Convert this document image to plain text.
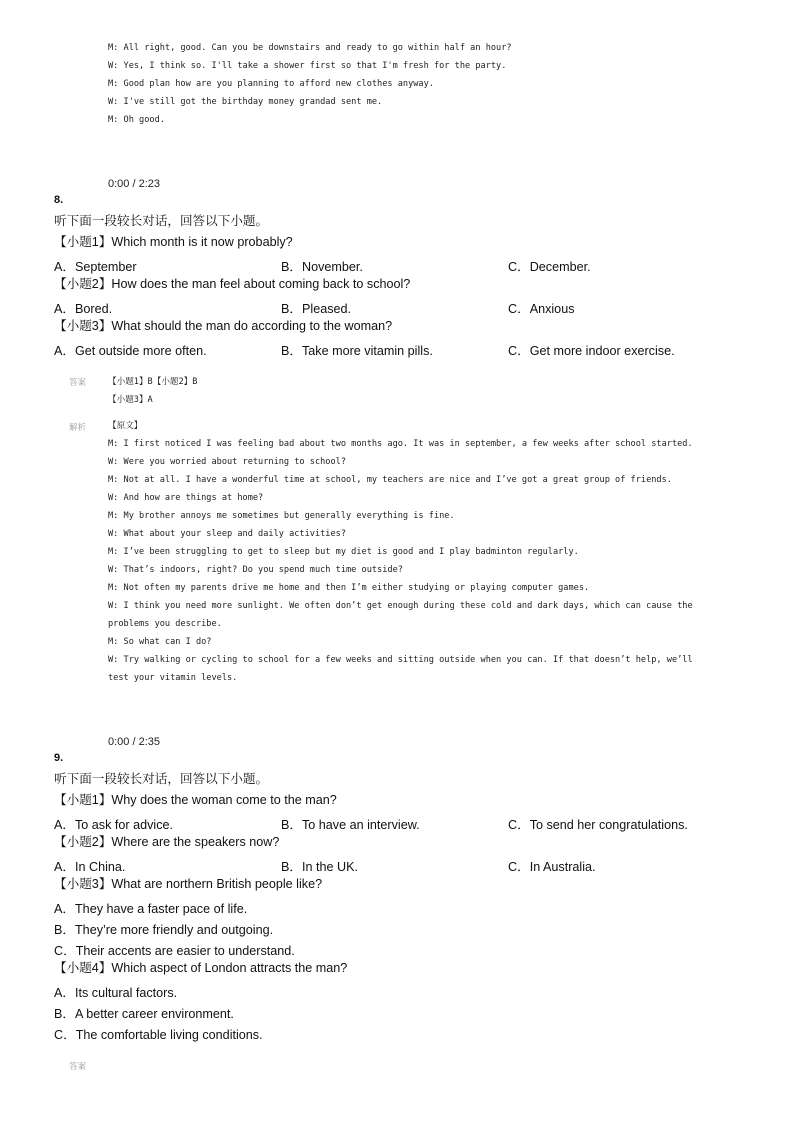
M: All right, good. Can you be downstairs and ready to go within half an hour?
W: Yes, I think so. I'll take a shower first so that I'm fresh for the party.
M: Good plan how are you planning to afford new clothes anyway.
W: I've still got the birthday money grandad sent me.
M: Oh good.
0:00 / 2:23
8.
听下面一段较长对话，回答以下小题。
【小题1】Which month is it now probably?
A．September	B．November.	C．December.
【小题2】How does the man feel about coming back to school?
A．Bored.	B．Pleased.	C．Anxious
【小题3】What should the man do according to the woman?
A．Get outside more often.	B．Take more vitamin pills.	C．Get more indoor exercise.
答案	【小题1】B【小题2】B
【小题3】A
解析	【原文】
M: I first noticed I was feeling bad about two months ago. It was in september, a few weeks after school started.
W: Were you worried about returning to school?
M: Not at all. I have a wonderful time at school, my teachers are nice and I’ve got a great group of friends.
W: And how are things at home?
M: My brother annoys me sometimes but generally everything is fine.
W: What about your sleep and daily activities?
M: I’ve been struggling to get to sleep but my diet is good and I play badminton regularly.
W: That’s indoors, right? Do you spend much time outside?
M: Not often my parents drive me home and then I’m either studying or playing computer games.
W: I think you need more sunlight. We often don’t get enough during these cold and dark days, which can cause the problems you describe.
M: So what can I do?
W: Try walking or cycling to school for a few weeks and sitting outside when you can. If that doesn’t help, we’ll test your vitamin levels.
0:00 / 2:35
9.
听下面一段较长对话，回答以下小题。
【小题1】Why does the woman come to the man?
A．To ask for advice.	B．To have an interview.	C．To send her congratulations.
【小题2】Where are the speakers now?
A．In China.	B．In the UK.	C．In Australia.
【小题3】What are northern British people like?
A．They have a faster pace of life.
B．They’re more friendly and outgoing.
C．Their accents are easier to understand.
【小题4】Which aspect of London attracts the man?
A．Its cultural factors.
B．A better career environment.
C．The comfortable living conditions.
答案
